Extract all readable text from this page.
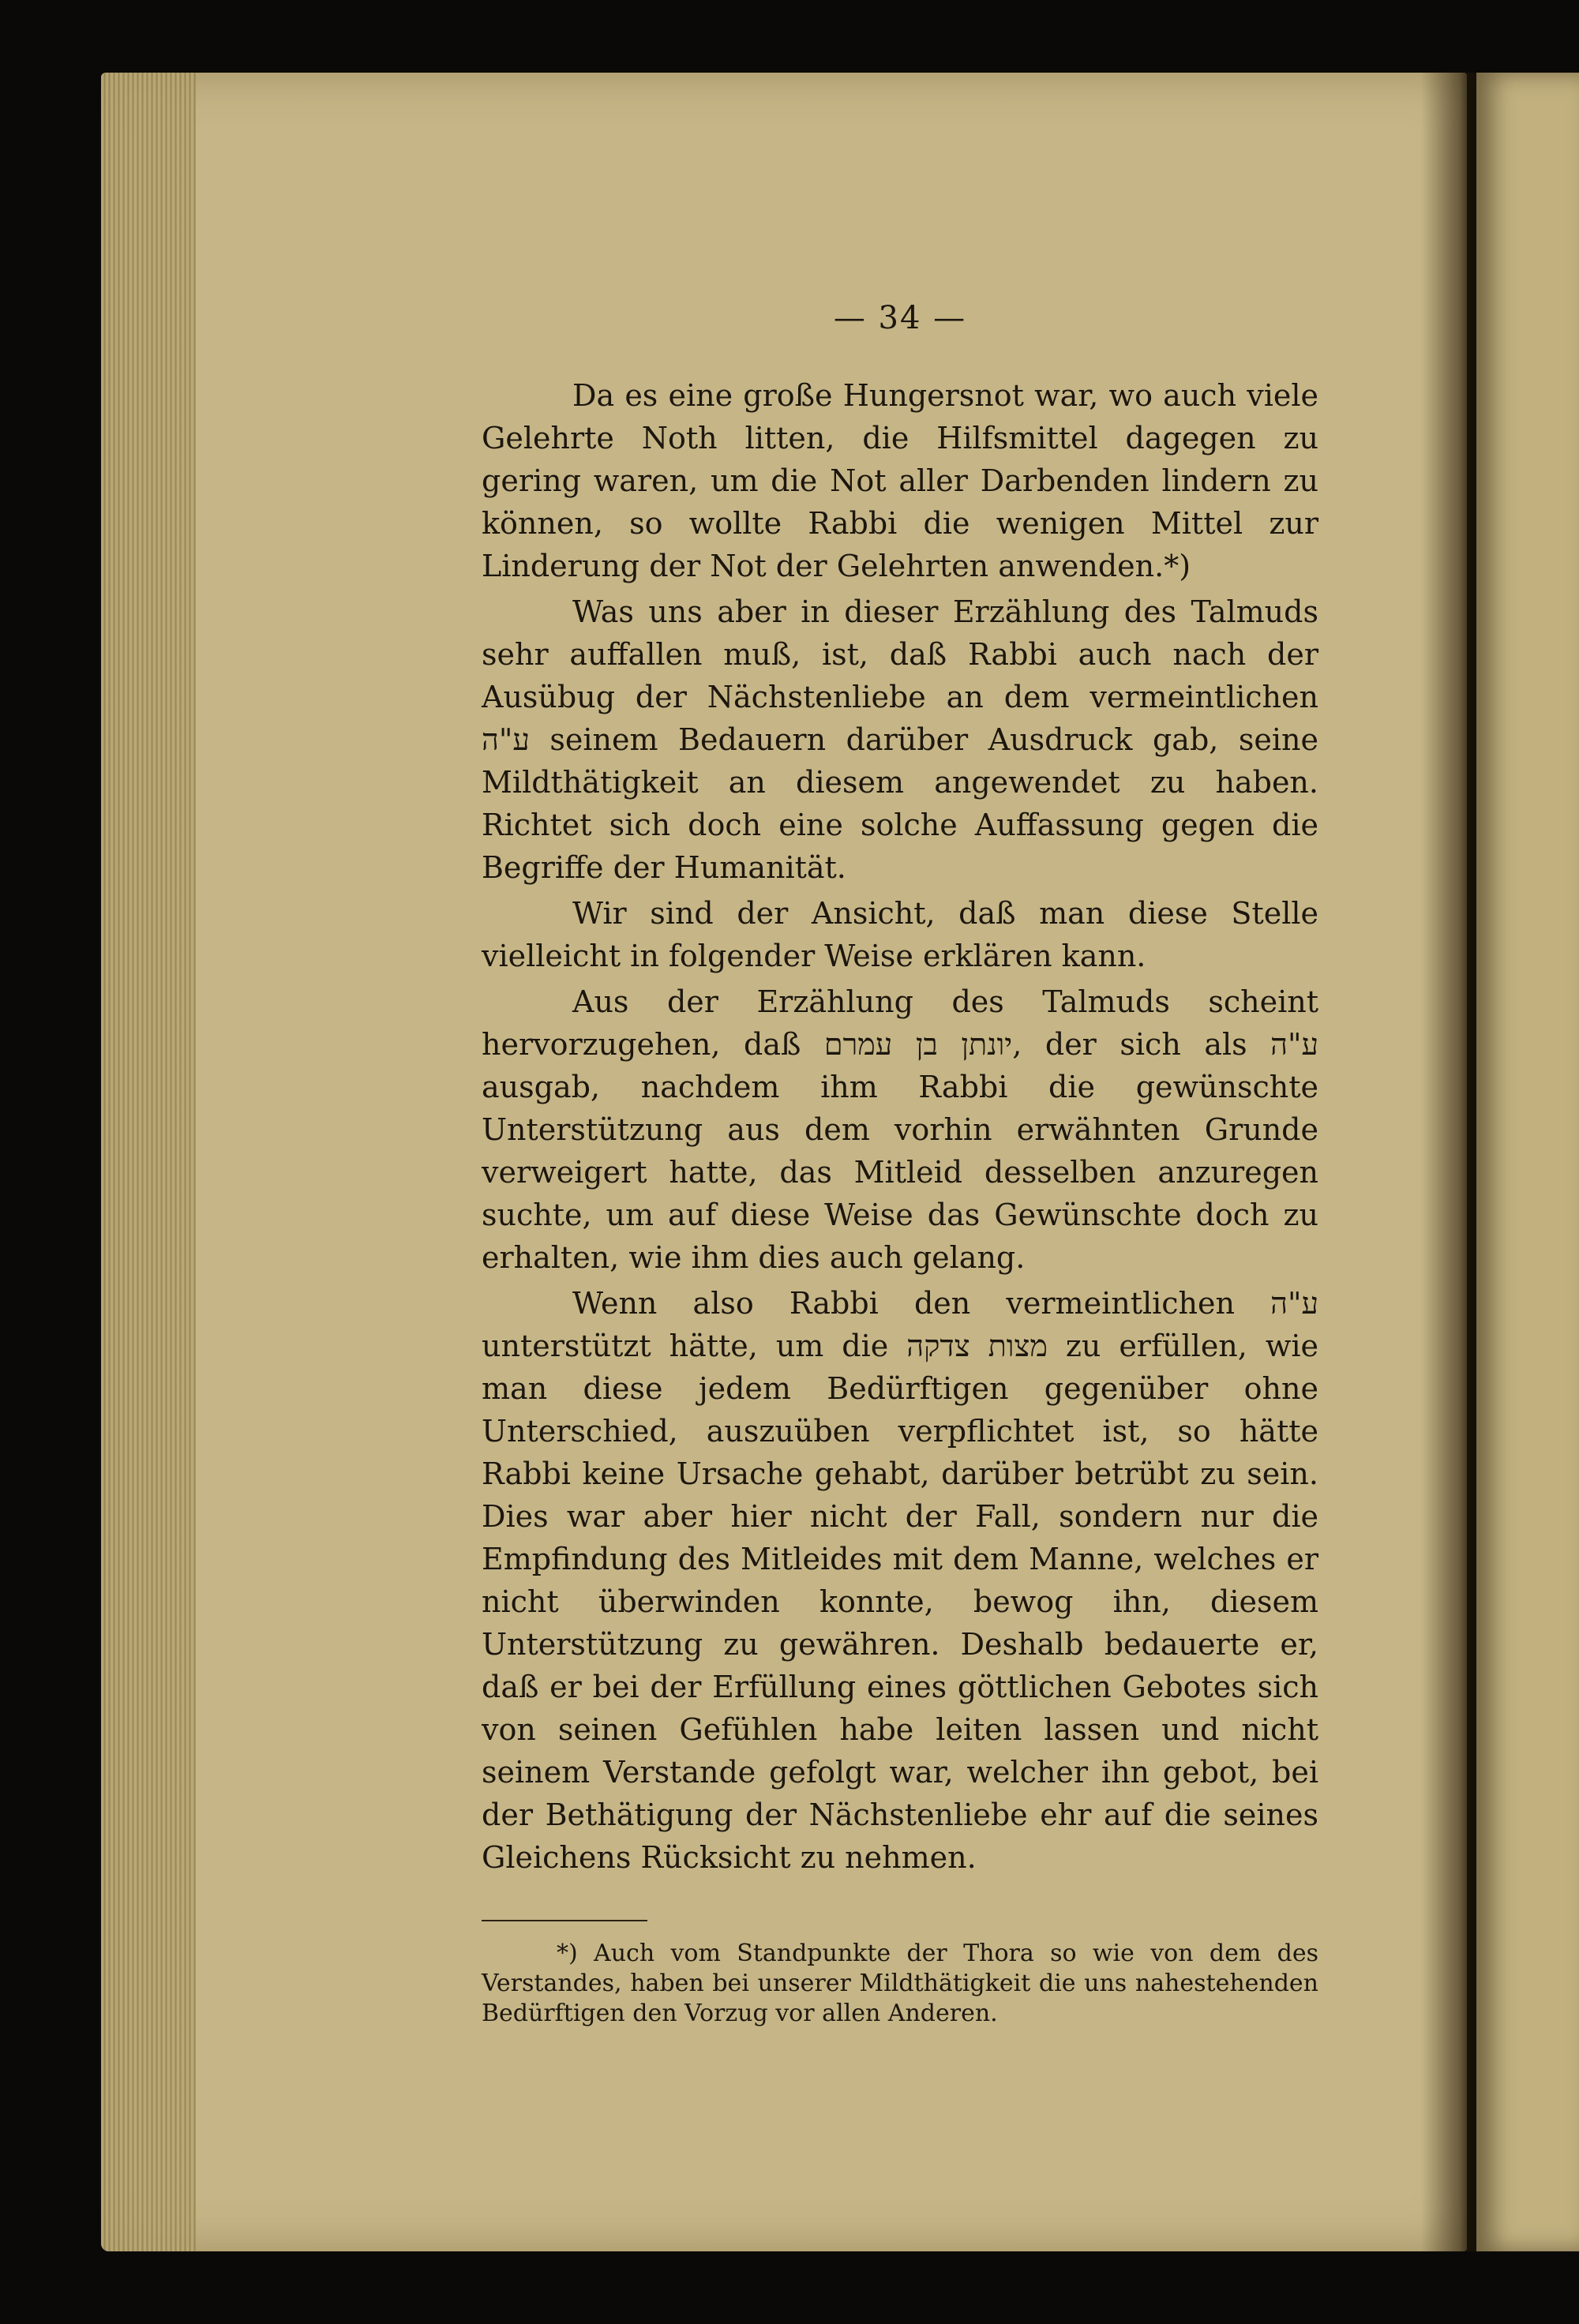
— 34 —

Da es eine große Hungersnot war, wo auch viele Gelehrte Noth litten, die Hilfsmittel dagegen zu gering waren, um die Not aller Darbenden lindern zu können, so wollte Rabbi die wenigen Mittel zur Linderung der Not der Gelehrten anwenden.*)

Was uns aber in dieser Erzählung des Talmuds sehr auffallen muß, ist, daß Rabbi auch nach der Ausübug der Nächstenliebe an dem vermeintlichen ע"ה seinem Bedauern darüber Ausdruck gab, seine Mildthätigkeit an diesem angewendet zu haben. Richtet sich doch eine solche Auffassung gegen die Begriffe der Humanität.

Wir sind der Ansicht, daß man diese Stelle vielleicht in folgender Weise erklären kann.

Aus der Erzählung des Talmuds scheint hervorzugehen, daß יונתן בן עמרם, der sich als ע"ה ausgab, nachdem ihm Rabbi die gewünschte Unterstützung aus dem vorhin erwähnten Grunde verweigert hatte, das Mitleid desselben anzuregen suchte, um auf diese Weise das Gewünschte doch zu erhalten, wie ihm dies auch gelang.

Wenn also Rabbi den vermeintlichen ע"ה unterstützt hätte, um die מצות צדקה zu erfüllen, wie man diese jedem Bedürftigen gegenüber ohne Unterschied, auszuüben verpflichtet ist, so hätte Rabbi keine Ursache gehabt, darüber betrübt zu sein. Dies war aber hier nicht der Fall, sondern nur die Empfindung des Mitleides mit dem Manne, welches er nicht überwinden konnte, bewog ihn, diesem Unterstützung zu gewähren. Deshalb bedauerte er, daß er bei der Erfüllung eines göttlichen Gebotes sich von seinen Gefühlen habe leiten lassen und nicht seinem Verstande gefolgt war, welcher ihn gebot, bei der Bethätigung der Nächstenliebe ehr auf die seines Gleichens Rücksicht zu nehmen.

*) Auch vom Standpunkte der Thora so wie von dem des Verstandes, haben bei unserer Mildthätigkeit die uns nahestehenden Bedürftigen den Vorzug vor allen Anderen.
